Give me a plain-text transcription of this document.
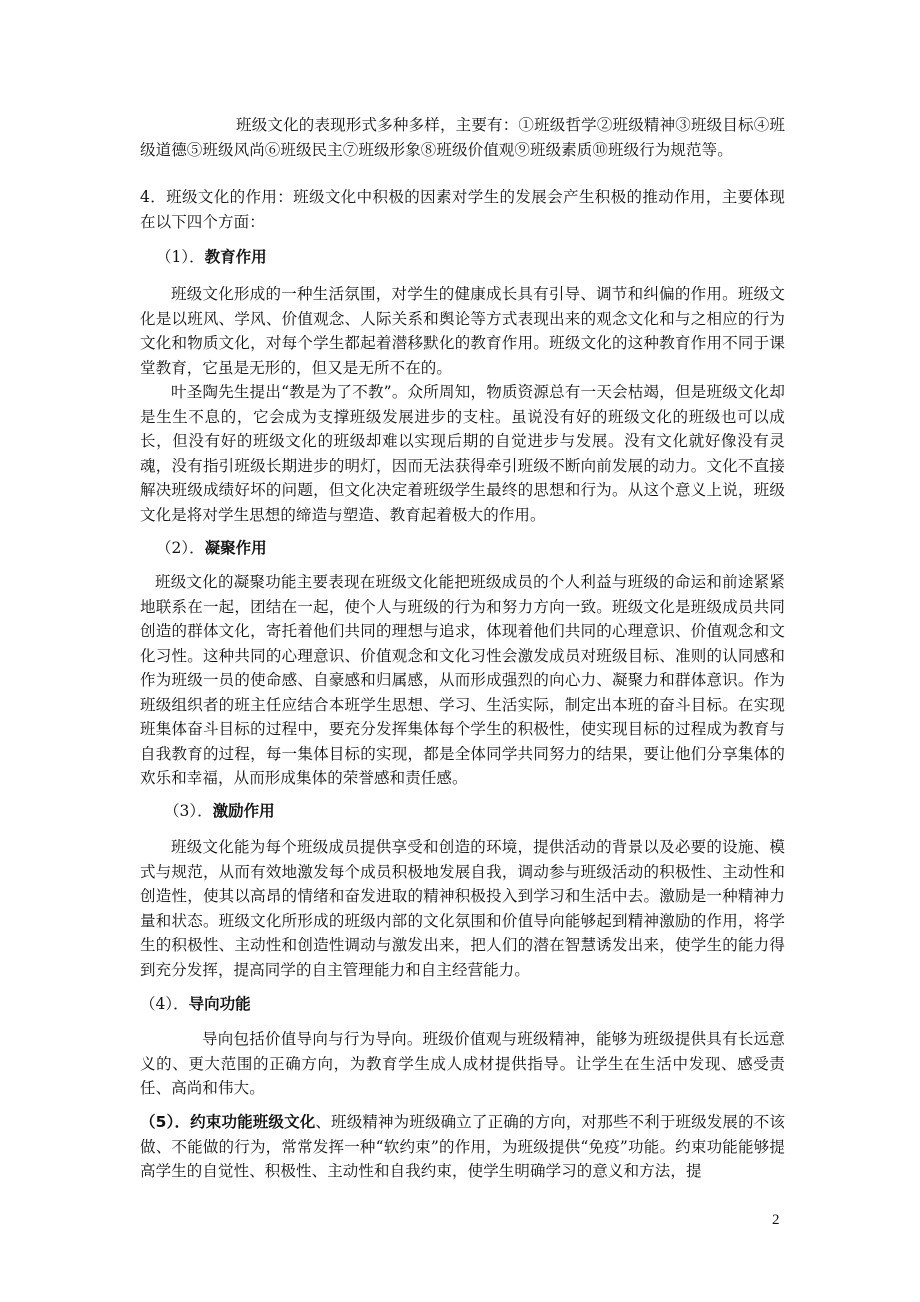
班级文化的表现形式多种多样，主要有：①班级哲学②班级精神③班级目标④班级道德⑤班级风尚⑥班级民主⑦班级形象⑧班级价值观⑨班级素质⑩班级行为规范等。

4．班级文化的作用：班级文化中积极的因素对学生的发展会产生积极的推动作用，主要体现在以下四个方面：

（1）．教育作用

班级文化形成的一种生活氛围，对学生的健康成长具有引导、调节和纠偏的作用。班级文化是以班风、学风、价值观念、人际关系和舆论等方式表现出来的观念文化和与之相应的行为文化和物质文化，对每个学生都起着潜移默化的教育作用。班级文化的这种教育作用不同于课堂教育，它虽是无形的，但又是无所不在的。

叶圣陶先生提出“教是为了不教”。众所周知，物质资源总有一天会枯竭，但是班级文化却是生生不息的，它会成为支撑班级发展进步的支柱。虽说没有好的班级文化的班级也可以成长，但没有好的班级文化的班级却难以实现后期的自觉进步与发展。没有文化就好像没有灵魂，没有指引班级长期进步的明灯，因而无法获得牵引班级不断向前发展的动力。文化不直接解决班级成绩好坏的问题，但文化决定着班级学生最终的思想和行为。从这个意义上说，班级文化是将对学生思想的缔造与塑造、教育起着极大的作用。

（2）．凝聚作用

班级文化的凝聚功能主要表现在班级文化能把班级成员的个人利益与班级的命运和前途紧紧地联系在一起，团结在一起，使个人与班级的行为和努力方向一致。班级文化是班级成员共同创造的群体文化，寄托着他们共同的理想与追求，体现着他们共同的心理意识、价值观念和文化习性。这种共同的心理意识、价值观念和文化习性会激发成员对班级目标、准则的认同感和作为班级一员的使命感、自豪感和归属感，从而形成强烈的向心力、凝聚力和群体意识。作为班级组织者的班主任应结合本班学生思想、学习、生活实际，制定出本班的奋斗目标。在实现班集体奋斗目标的过程中，要充分发挥集体每个学生的积极性，使实现目标的过程成为教育与自我教育的过程，每一集体目标的实现，都是全体同学共同努力的结果，要让他们分享集体的欢乐和幸福，从而形成集体的荣誉感和责任感。

（3）．激励作用

班级文化能为每个班级成员提供享受和创造的环境，提供活动的背景以及必要的设施、模式与规范，从而有效地激发每个成员积极地发展自我，调动参与班级活动的积极性、主动性和创造性，使其以高昂的情绪和奋发进取的精神积极投入到学习和生活中去。激励是一种精神力量和状态。班级文化所形成的班级内部的文化氛围和价值导向能够起到精神激励的作用，将学生的积极性、主动性和创造性调动与激发出来，把人们的潜在智慧诱发出来，使学生的能力得到充分发挥，提高同学的自主管理能力和自主经营能力。

（4）．导向功能

导向包括价值导向与行为导向。班级价值观与班级精神，能够为班级提供具有长远意义的、更大范围的正确方向，为教育学生成人成材提供指导。让学生在生活中发现、感受责任、高尚和伟大。

（5）．约束功能班级文化、班级精神为班级确立了正确的方向，对那些不利于班级发展的不该做、不能做的行为，常常发挥一种“软约束”的作用，为班级提供“免疫”功能。约束功能能够提高学生的自觉性、积极性、主动性和自我约束，使学生明确学习的意义和方法，提

2
